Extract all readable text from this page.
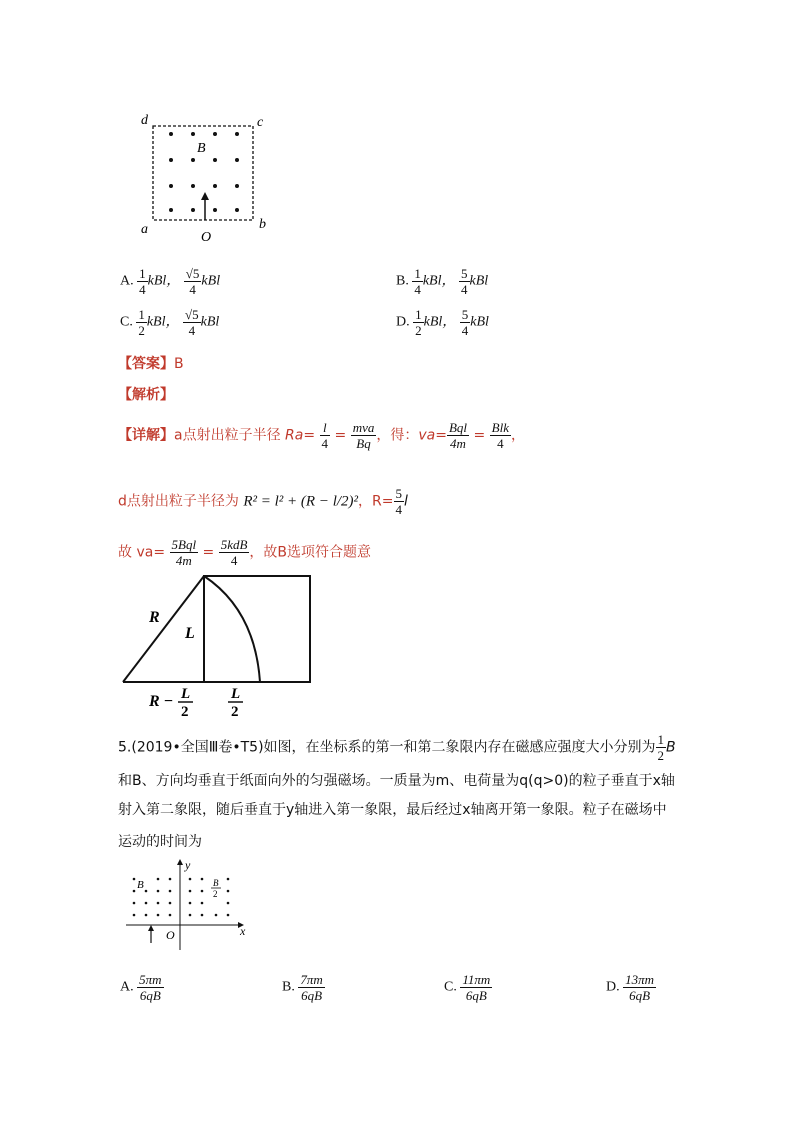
d	c
a	b
B
O
A. $\frac{1}{4}$ kBl， $\frac{√5}{4}$ kBl	B. $\frac{1}{4}$ kBl， $\frac{5}{4}$ kBl
C. $\frac{1}{2}$ kBl， $\frac{√5}{4}$ kBl	D. $\frac{1}{2}$ kBl， $\frac{5}{4}$ kBl
【答案】B
【解析】
【详解】a点射出粒子半径 $Ra= \frac{l}{4} = \frac{\text{mva}}{Bq}$ ，得：$va= \frac{\text{Bql}}{4m} = \frac{\text{Blk}}{4}$ ，
d点射出粒子半径为 R² = l² + (R − l/2)²，$R= \frac{5}{4}$ l
故 $va= \frac{\text{5Bql}}{4m} = \frac{\text{5kdB}}{4}$ ，故B选项符合题意
R
L
R − L
2
L
2
5.(2019•全国Ⅲ卷•T5)如图，在坐标系的第一和第二象限内存在磁感应强度大小分别为 $\frac{1}{2}$ B
和B、方向均垂直于纸面向外的匀强磁场。一质量为m、电荷量为q(q>0)的粒子垂直于x轴
射入第二象限，随后垂直于y轴进入第一象限，最后经过x轴离开第一象限。粒子在磁场中
运动的时间为
y
x
O
B	B
2
A. $\frac{5\pi m}{6qB}$	B. $\frac{7\pi m}{6qB}$	C. $\frac{11\pi m}{6qB}$	D. $\frac{13\pi m}{6qB}$
